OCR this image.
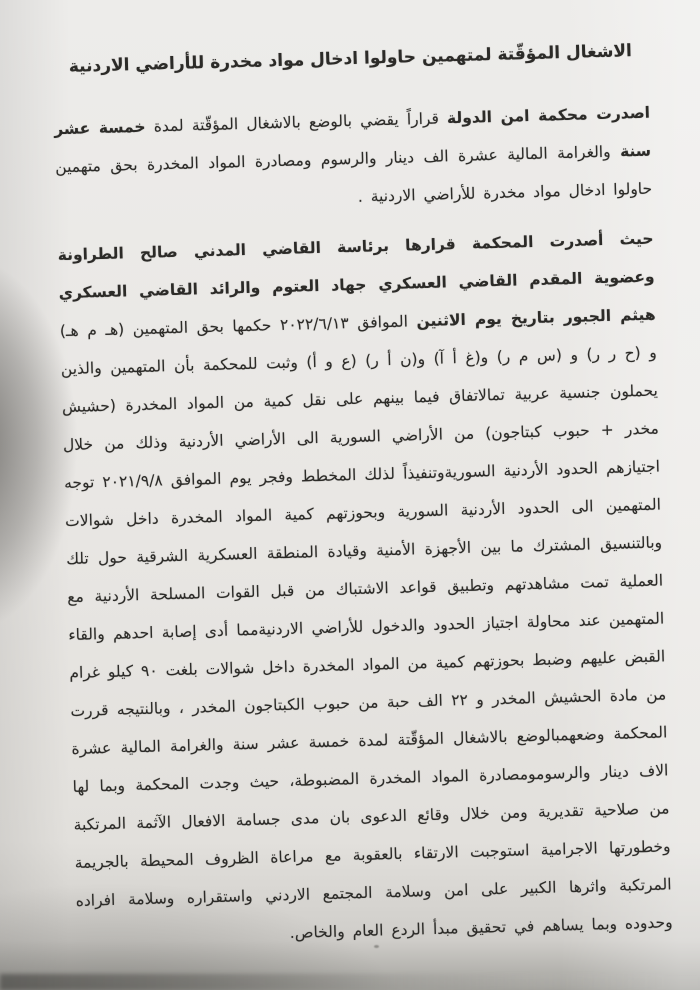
الاشغال المؤقّتة لمتهمين حاولوا ادخال مواد مخدرة للأراضي الاردنية

اصدرت محكمة امن الدولة قراراً يقضي بالوضع بالاشغال المؤقّتة لمدة خمسة عشر سنة والغرامة المالية عشرة الف دينار والرسوم ومصادرة المواد المخدرة بحق متهمين حاولوا ادخال مواد مخدرة للأراضي الاردنية .

حيث أصدرت المحكمة قرارها برئاسة القاضي المدني صالح الطراونة وعضوية المقدم القاضي العسكري جهاد العتوم والرائد القاضي العسكري هيثم الجبور بتاريخ يوم الاثنين الموافق ٢٠٢٢/٦/١٣ حكمها بحق المتهمين (هـ م هـ) و (ح ر ر) و (س م ر) و(غ أ آ) و(ن أ ر) (ع و أ) وثبت للمحكمة بأن المتهمين والذين يحملون جنسية عربية تمالاتفاق فيما بينهم على نقل كمية من المواد المخدرة (حشيش مخدر + حبوب كبتاجون) من الأراضي السورية الى الأراضي الأردنية وذلك من خلال اجتيازهم الحدود الأردنية السوريةوتنفيذاً لذلك المخطط وفجر يوم الموافق ٢٠٢١/٩/٨ توجه المتهمين الى الحدود الأردنية السورية وبحوزتهم كمية المواد المخدرة داخل شوالات وبالتنسيق المشترك ما بين الأجهزة الأمنية وقيادة المنطقة العسكرية الشرقية حول تلك العملية تمت مشاهدتهم وتطبيق قواعد الاشتباك من قبل القوات المسلحة الأردنية مع المتهمين عند محاولة اجتياز الحدود والدخول للأراضي الاردنيةمما أدى إصابة احدهم والقاء القبض عليهم وضبط بحوزتهم كمية من المواد المخدرة داخل شوالات بلغت ٩٠ كيلو غرام من مادة الحشيش المخدر و ٢٢ الف حبة من حبوب الكبتاجون المخدر ، وبالنتيجه قررت المحكمة وضعهمبالوضع بالاشغال المؤقّتة لمدة خمسة عشر سنة والغرامة المالية عشرة الاف دينار والرسومومصادرة المواد المخدرة المضبوطة، حيث وجدت المحكمة وبما لها من صلاحية تقديرية ومن خلال وقائع الدعوى بان مدى جسامة الافعال الآثمة المرتكبة وخطورتها الاجرامية استوجبت الارتقاء بالعقوبة مع مراعاة الظروف المحيطة بالجريمة المرتكبة واثرها الكبير على امن وسلامة المجتمع الاردني واستقراره وسلامة افراده وحدوده وبما يساهم في تحقيق مبدأ الردع العام والخاص.
